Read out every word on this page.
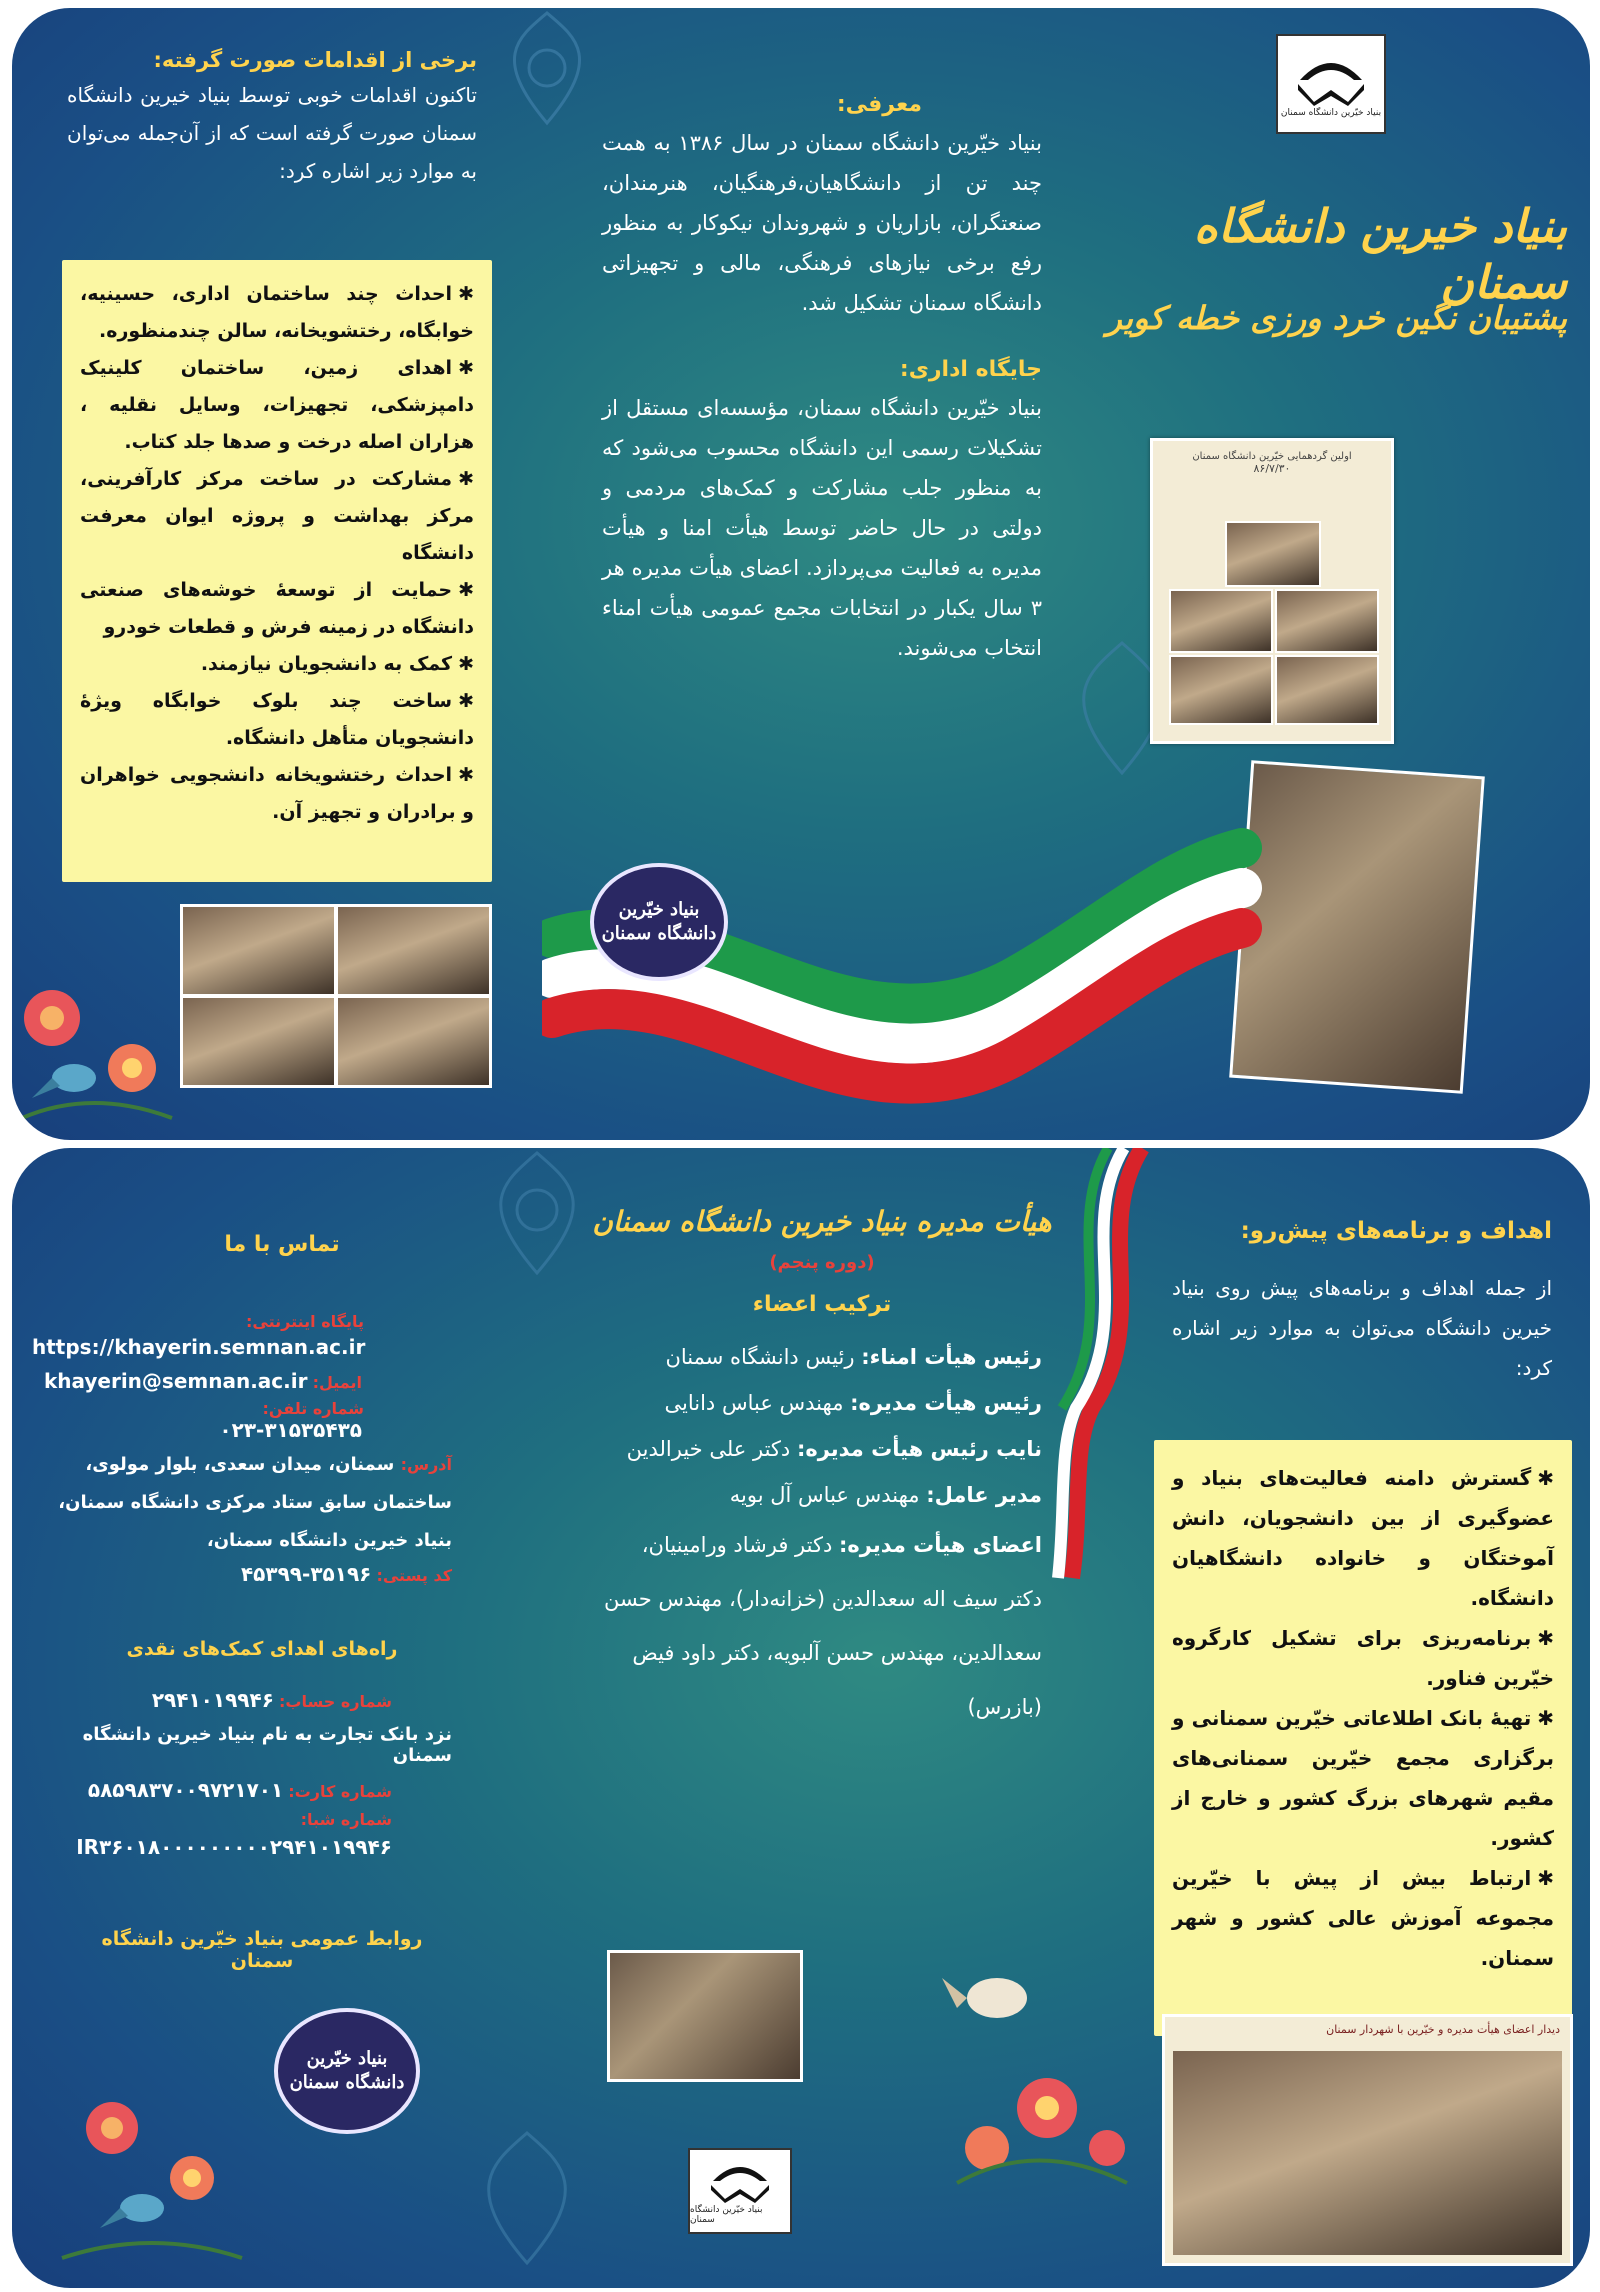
بنیاد خیّرین دانشگاه سمنان
بنیاد خیرین دانشگاه سمنان
پشتیبان نگین خرد ورزی خطه کویر
اولین گردهمایی خیّرین دانشگاه سمنان
۸۶/۷/۳۰
معرفی:

بنیاد خیّرین دانشگاه سمنان در سال ۱۳۸۶ به همت چند تن از دانشگاهیان،فرهنگیان، هنرمندان، صنعتگران، بازاریان و شهروندان نیکوکار به منظور رفع برخی نیازهای فرهنگی، مالی و تجهیزاتی دانشگاه سمنان تشکیل شد.

جایگاه اداری:

بنیاد خیّرین دانشگاه سمنان، مؤسسه‌ای مستقل از تشکیلات رسمی این دانشگاه محسوب می‌شود که به منظور جلب مشارکت و کمک‌های مردمی و دولتی در حال حاضر توسط هیأت امنا و هیأت مدیره به فعالیت می‌پردازد. اعضای هیأت مدیره هر ۳ سال یکبار در انتخابات مجمع عمومی هیأت امناء انتخاب می‌شوند.

بنیاد خیّرین دانشگاه سمنان
برخی از اقدامات صورت گرفته:

تاکنون اقدامات خوبی توسط بنیاد خیرین دانشگاه سمنان صورت گرفته است که از آن‌جمله می‌توان به موارد زیر اشاره کرد:

✱احداث چند ساختمان اداری، حسینیه، خوابگاه، رختشویخانه، سالن چندمنظوره.
✱اهدای زمین، ساختمان کلینیک دامپزشکی، تجهیزات، وسایل نقلیه ، هزاران اصله درخت و صدها جلد کتاب.
✱مشارکت در ساخت مرکز کارآفرینی، مرکز بهداشت و پروژه ایوان معرفت دانشگاه
✱حمایت از توسعۀ خوشه‌های صنعتی دانشگاه در زمینه فرش و قطعات خودرو
✱کمک به دانشجویان نیازمند.
✱ساخت چند بلوک خوابگاه ویژۀ دانشجویان متأهل دانشگاه.
✱احداث رختشویخانه دانشجویی خواهران و برادران و تجهیز آن.
اهداف و برنامه‌های پیش‌رو:

از جمله اهداف و برنامه‌های پیش روی بنیاد خیرین دانشگاه می‌توان به موارد زیر اشاره کرد:

✱گسترش دامنه فعالیت‌های بنیاد و عضوگیری از بین دانشجویان، دانش آموختگان و خانواده دانشگاهیان دانشگاه.
✱برنامه‌ریزی برای تشکیل کارگروه خیّرین فناور.
✱تهیۀ بانک اطلاعاتی خیّرین سمنانی و برگزاری مجمع خیّرین سمنانی‌های مقیم شهرهای بزرگ کشور و خارج از کشور.
✱ارتباط بیش از پیش با خیّرین مجموعه آموزش عالی کشور و شهر سمنان.
دیدار اعضای هیأت مدیره و خیّرین با شهردار سمنان
هیأت مدیره بنیاد خیرین دانشگاه سمنان
(دوره پنجم)
ترکیب اعضاء
رئیس هیأت امناء: رئیس دانشگاه سمنان
رئیس هیأت مدیره: مهندس عباس دانایی
نایب رئیس هیأت مدیره: دکتر علی خیرالدین
مدیر عامل: مهندس عباس آل بویه
اعضای هیأت مدیره: دکتر فرشاد ورامینیان، دکتر سیف اله سعدالدین (خزانه‌دار)، مهندس حسن سعدالدین، مهندس حسن آلبویه، دکتر داود فیض (بازرس)
بنیاد خیّرین دانشگاه سمنان
تماس با ما
پایگاه اینترنتی:
https://khayerin.semnan.ac.ir
ایمیل: khayerin@semnan.ac.ir
شماره تلفن:
۰۲۳-۳۱۵۳۵۴۳۵
آدرس: سمنان، میدان سعدی، بلوار مولوی، ساختمان سابق ستاد مرکزی دانشگاه سمنان، بنیاد خیرین دانشگاه سمنان،
کد پستی: ۳۵۱۹۶-۴۵۳۹۹
راه‌های اهدای کمک‌های نقدی
شماره حساب: ۲۹۴۱۰۱۹۹۴۶
نزد بانک تجارت به نام بنیاد خیرین دانشگاه سمنان
شماره کارت: ۵۸۵۹۸۳۷۰۰۹۷۲۱۷۰۱
شماره شبا:
IR۳۶۰۱۸۰۰۰۰۰۰۰۰۰۲۹۴۱۰۱۹۹۴۶
روابط عمومی بنیاد خیّرین دانشگاه سمنان
بنیاد خیّرین دانشگاه سمنان
